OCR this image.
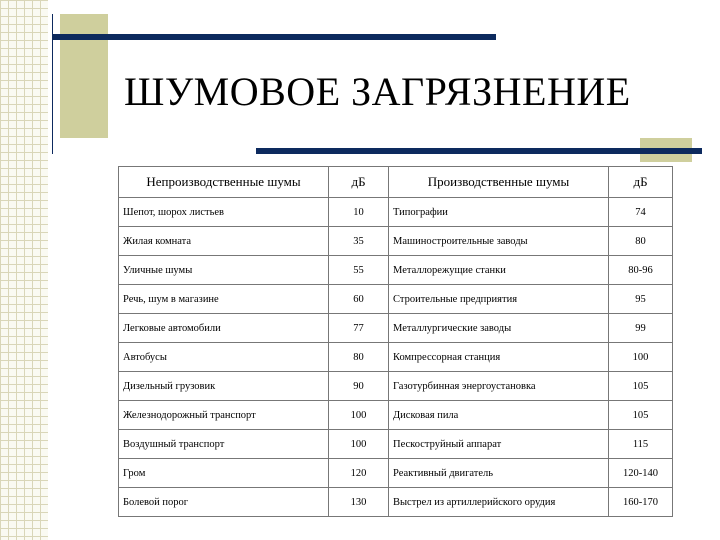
ШУМОВОЕ ЗАГРЯЗНЕНИЕ
Непроизводственные шумы	дБ	Производственные шумы	дБ
Шепот, шорох листьев	10	Типографии	74
Жилая комната	35	Машиностроительные заводы	80
Уличные шумы	55	Металлорежущие станки	80-96
Речь, шум в магазине	60	Строительные предприятия	95
Легковые автомобили	77	Металлургические заводы	99
Автобусы	80	Компрессорная станция	100
Дизельный грузовик	90	Газотурбинная энергоустановка	105
Железнодорожный транспорт	100	Дисковая пила	105
Воздушный транспорт	100	Пескоструйный аппарат	115
Гром	120	Реактивный двигатель	120-140
Болевой порог	130	Выстрел из артиллерийского орудия	160-170
